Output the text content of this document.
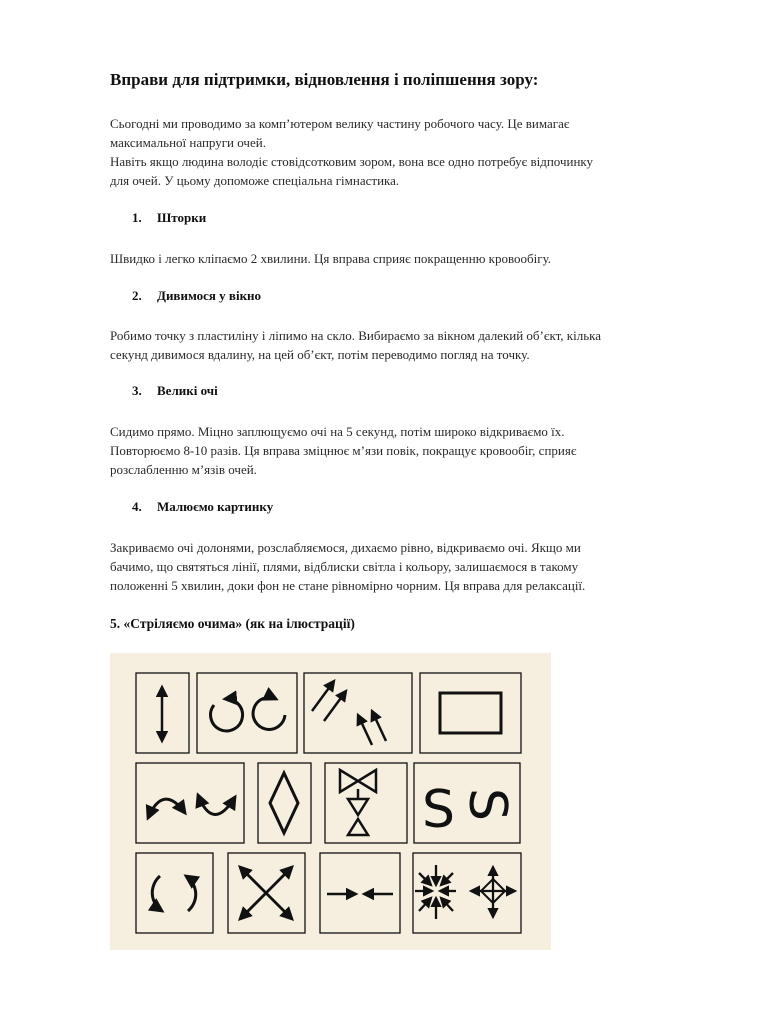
Вправи для підтримки, відновлення і поліпшення зору:

Сьогодні ми проводимо за комп’ютером велику частину робочого часу. Це вимагає
максимальної напруги очей.
Навіть якщо людина володіє стовідсотковим зором, вона все одно потребує відпочинку
для очей. У цьому допоможе спеціальна гімнастика.

1. Шторки

Швидко і легко кліпаємо 2 хвилини. Ця вправа сприяє покращенню кровообігу.

2. Дивимося у вікно

Робимо точку з пластиліну і ліпимо на скло. Вибираємо за вікном далекий об’єкт, кілька
секунд дивимося вдалину, на цей об’єкт, потім переводимо погляд на точку.

3. Великі очі

Сидимо прямо. Міцно заплющуємо очі на 5 секунд, потім широко відкриваємо їх.
Повторюємо 8-10 разів. Ця вправа зміцнює м’язи повік, покращує кровообіг, сприяє
розслабленню м’язів очей.

4. Малюємо картинку

Закриваємо очі долонями, розслабляємося, дихаємо рівно, відкриваємо очі. Якщо ми
бачимо, що святяться лінії, плями, відблиски світла і кольору, залишаємося в такому
положенні 5 хвилин, доки фон не стане рівномірно чорним. Ця вправа для релаксації.

5. «Стріляємо очима» (як на ілюстрації)

S S
